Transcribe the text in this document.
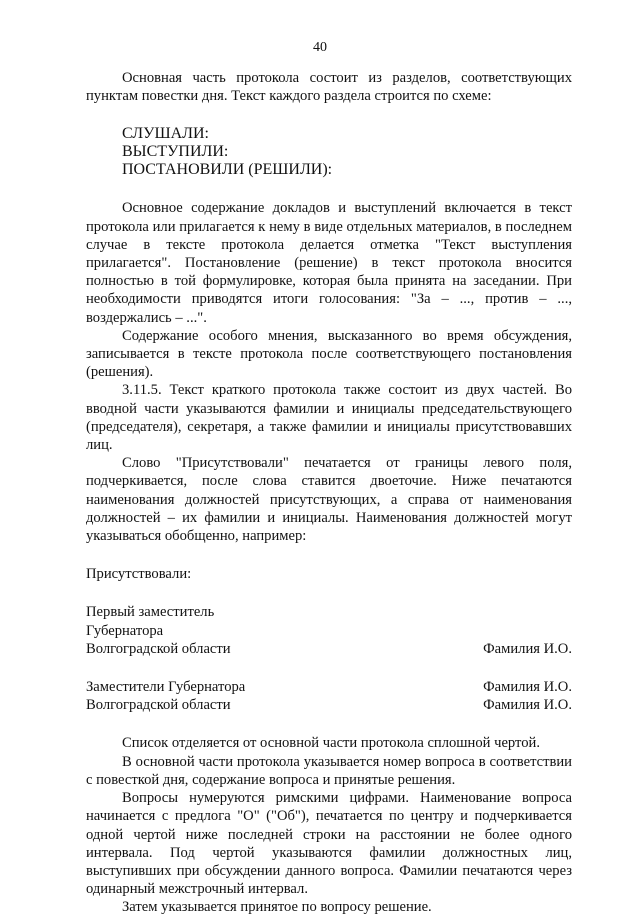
40

Основная часть протокола состоит из разделов, соответствующих пунктам повестки дня. Текст каждого раздела строится по схеме:

СЛУШАЛИ:
ВЫСТУПИЛИ:
ПОСТАНОВИЛИ (РЕШИЛИ):

Основное содержание докладов и выступлений включается в текст протокола или прилагается к нему в виде отдельных материалов, в последнем случае в тексте протокола делается отметка "Текст выступления прилагается". Постановление (решение) в текст протокола вносится полностью в той формулировке, которая была принята на заседании. При необходимости приводятся итоги голосования: "За – ..., против – ..., воздержались – ...".

Содержание особого мнения, высказанного во время обсуждения, записывается в тексте протокола после соответствующего постановления (решения).

3.11.5. Текст краткого протокола также состоит из двух частей. Во вводной части указываются фамилии и инициалы председательствующего (председателя), секретаря, а также фамилии и инициалы присутствовавших лиц.

Слово "Присутствовали" печатается от границы левого поля, подчеркивается, после слова ставится двоеточие. Ниже печатаются наименования должностей присутствующих, а справа от наименования должностей – их фамилии и инициалы. Наименования должностей могут указываться обобщенно, например:

Присутствовали:
Первый заместитель
Губернатора
Волгоградской области	Фамилия И.О.
Заместители Губернатора	Фамилия И.О.
Волгоградской области	Фамилия И.О.

Список отделяется от основной части протокола сплошной чертой.

В основной части протокола указывается номер вопроса в соответствии с повесткой дня, содержание вопроса и принятые решения.

Вопросы нумеруются римскими цифрами. Наименование вопроса начинается с предлога "О" ("Об"), печатается по центру и подчеркивается одной чертой ниже последней строки на расстоянии не более одного интервала. Под чертой указываются фамилии должностных лиц, выступивших при обсуждении данного вопроса. Фамилии печатаются через одинарный межстрочный интервал.

Затем указывается принятое по вопросу решение.
